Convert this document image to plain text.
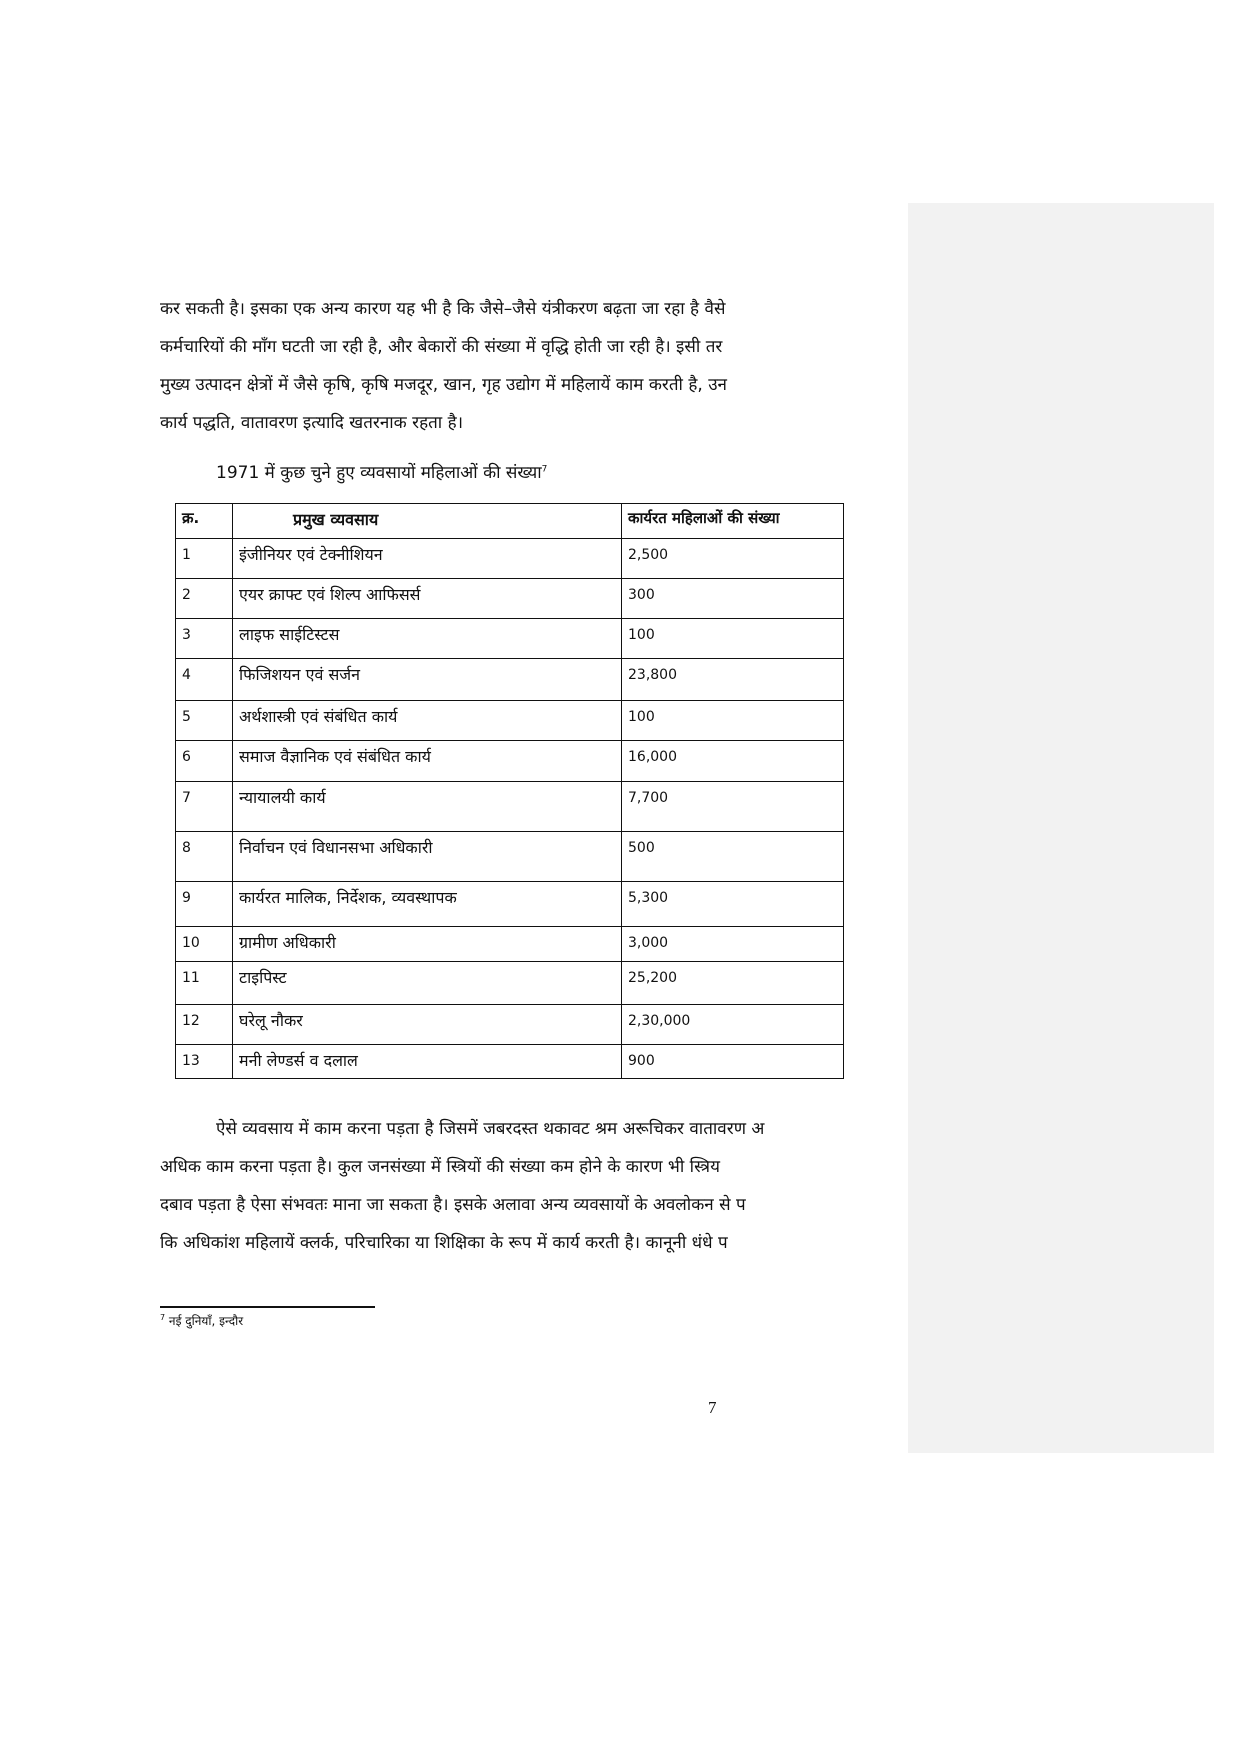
कर सकती है। इसका एक अन्य कारण यह भी है कि जैसे–जैसे यंत्रीकरण बढ़ता जा रहा है वैसे
कर्मचारियों की माँग घटती जा रही है, और बेकारों की संख्या में वृद्धि होती जा रही है। इसी तर
मुख्य उत्पादन क्षेत्रों में जैसे कृषि, कृषि मजदूर, खान, गृह उद्योग में महिलायें काम करती है, उन
कार्य पद्धति, वातावरण इत्यादि खतरनाक रहता है।

1971 में कुछ चुने हुए व्यवसायों महिलाओं की संख्या$^7$
क्र.	प्रमुख व्यवसाय	कार्यरत महिलाओं की संख्या
1	इंजीनियर एवं टेक्नीशियन	2,500
2	एयर क्राफ्ट एवं शिल्प आफिसर्स	300
3	लाइफ साईटिस्टस	100
4	फिजिशयन एवं सर्जन	23,800
5	अर्थशास्त्री एवं संबंधित कार्य	100
6	समाज वैज्ञानिक एवं संबंधित कार्य	16,000
7	न्यायालयी कार्य	7,700
8	निर्वाचन एवं विधानसभा अधिकारी	500
9	कार्यरत मालिक, निर्देशक, व्यवस्थापक	5,300
10	ग्रामीण अधिकारी	3,000
11	टाइपिस्ट	25,200
12	घरेलू नौकर	2,30,000
13	मनी लेण्डर्स व दलाल	900

ऐसे व्यवसाय में काम करना पड़ता है जिसमें जबरदस्त थकावट श्रम अरूचिकर वातावरण अ
अधिक काम करना पड़ता है। कुल जनसंख्या में स्त्रियों की संख्या कम होने के कारण भी स्त्रिय
दबाव पड़ता है ऐसा संभवतः माना जा सकता है। इसके अलावा अन्य व्यवसायों के अवलोकन से प
कि अधिकांश महिलायें क्लर्क, परिचारिका या शिक्षिका के रूप में कार्य करती है। कानूनी धंधे प

$^7$ नई दुनियाँ, इन्दौर
7
